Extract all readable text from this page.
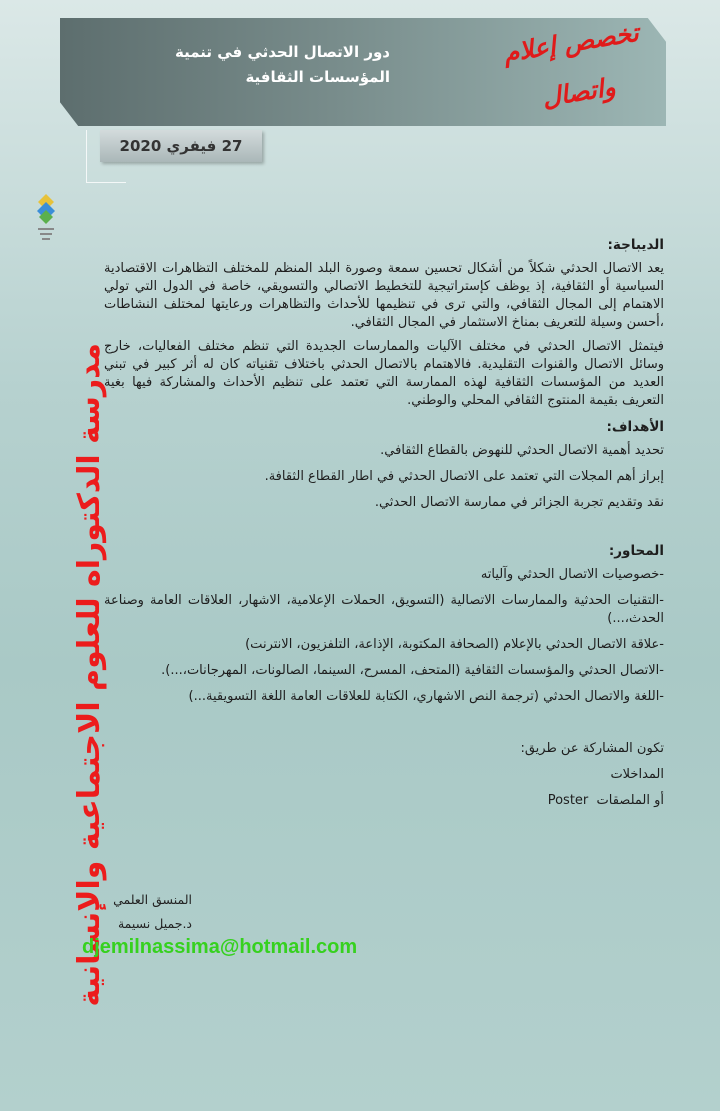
دور الاتصال الحدثي في تنمية
المؤسسات الثقافية
تخصص إعلام
واتصال
27 فيفري 2020
مدرسة الدكتوراه للعلوم الاجتماعية والإنسانية
الديباجة:

يعد الاتصال الحدثي شكلاً من أشكال تحسين سمعة وصورة البلد المنظم للمختلف التظاهرات الاقتصادية السياسية أو الثقافية، إذ يوظف كإستراتيجية للتخطيط الاتصالي والتسويقي، خاصة في الدول التي تولي الاهتمام إلى المجال الثقافي، والتي ترى في تنظيمها للأحداث والتظاهرات ورعايتها لمختلف النشاطات ،أحسن وسيلة للتعريف بمناخ الاستثمار في المجال الثقافي.

فيتمثل الاتصال الحدثي في مختلف الآليات والممارسات الجديدة التي تنظم مختلف الفعاليات، خارج وسائل الاتصال والقنوات التقليدية. فالاهتمام بالاتصال الحدثي باختلاف تقنياته كان له أثر كبير في تبني العديد من المؤسسات الثقافية لهذه الممارسة التي تعتمد على تنظيم الأحداث والمشاركة فيها بغية التعريف بقيمة المنتوج الثقافي المحلي والوطني.

الأهداف:
تحديد أهمية الاتصال الحدثي للنهوض بالقطاع الثقافي.
إبراز أهم المجلات التي تعتمد على الاتصال الحدثي في اطار القطاع الثقافة.
نقد وتقديم تجربة الجزائر في ممارسة الاتصال الحدثي.
المحاور:
-خصوصيات الاتصال الحدثي وآلياته
-التقنيات الحدثية والممارسات الاتصالية (التسويق، الحملات الإعلامية، الاشهار، العلاقات العامة وصناعة الحدث،...)
-علاقة الاتصال الحدثي بالإعلام (الصحافة المكتوبة، الإذاعة، التلفزيون، الانترنت)
-الاتصال الحدثي والمؤسسات الثقافية (المتحف، المسرح، السينما، الصالونات، المهرجانات،...).
-اللغة والاتصال الحدثي (ترجمة النص الاشهاري، الكتابة للعلاقات العامة اللغة التسويقية...)
تكون المشاركة عن طريق:
المداخلات
أو الملصقات  Poster
المنسق العلمي
د.جميل نسيمة
djemilnassima@hotmail.com
